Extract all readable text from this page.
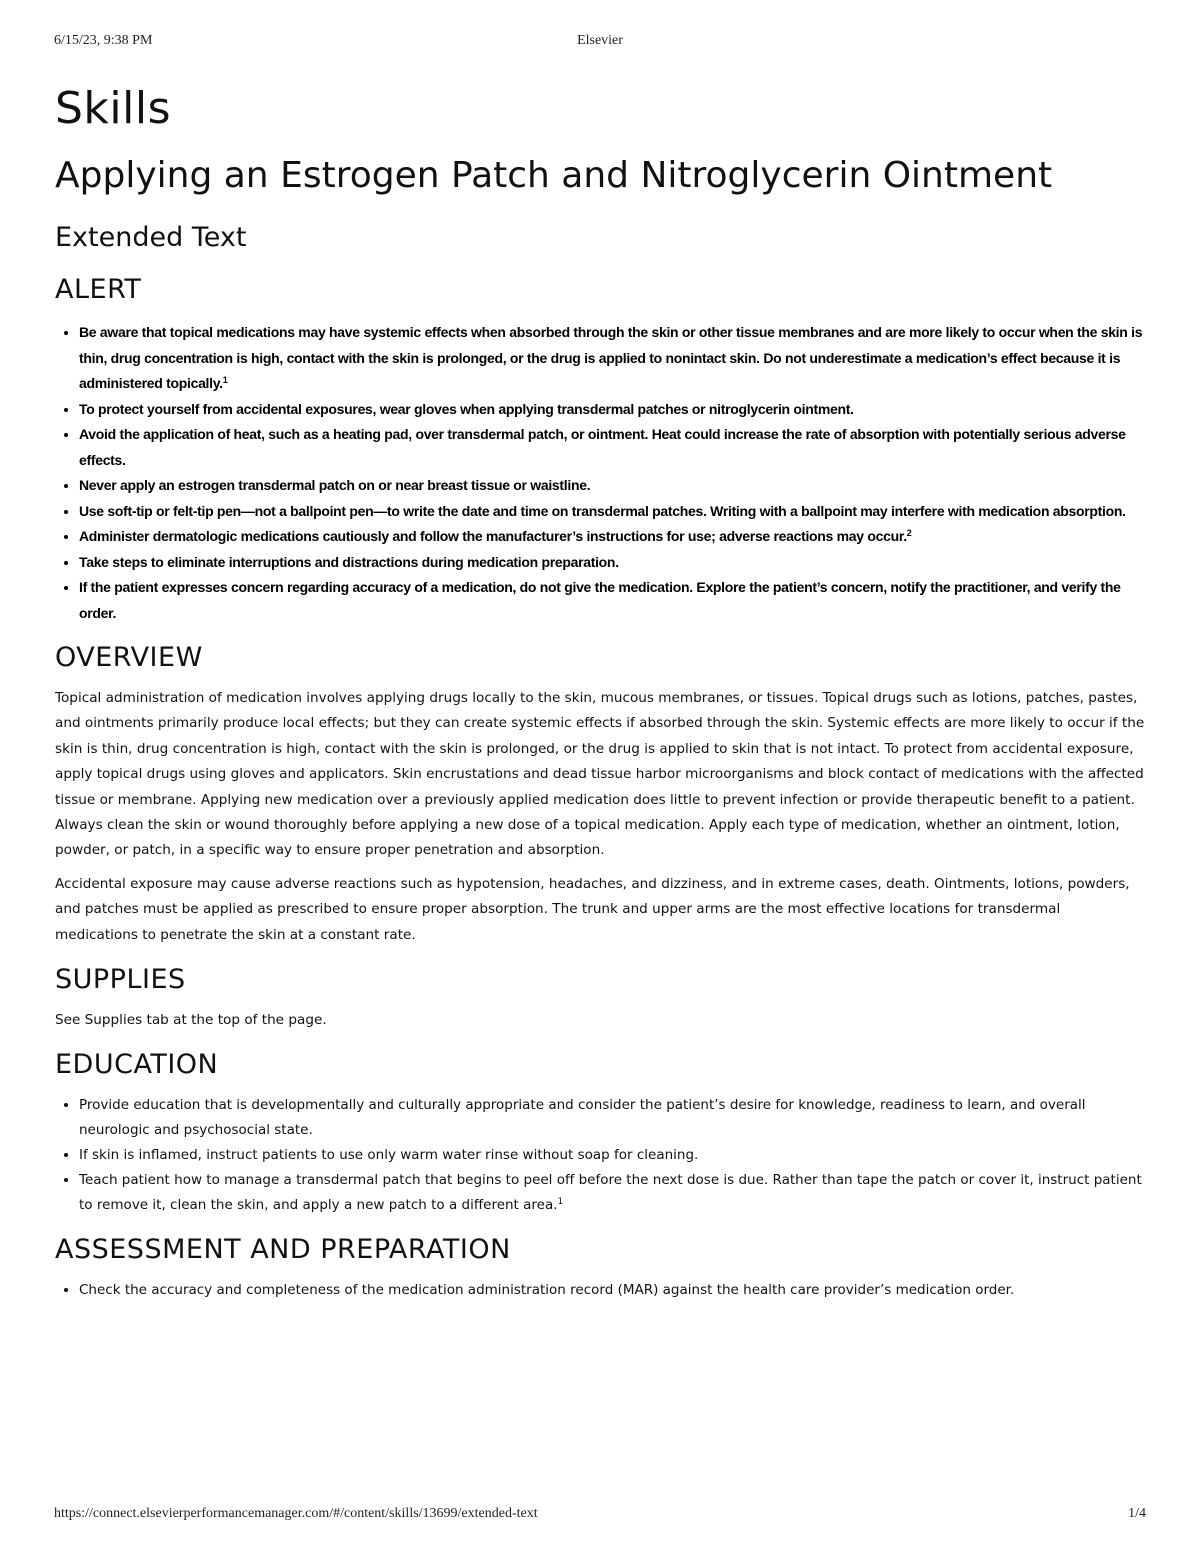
6/15/23, 9:38 PM	Elsevier
Skills
Applying an Estrogen Patch and Nitroglycerin Ointment
Extended Text
ALERT
• Be aware that topical medications may have systemic effects when absorbed through the skin or other tissue membranes and are more likely to occur when the skin is thin, drug concentration is high, contact with the skin is prolonged, or the drug is applied to nonintact skin. Do not underestimate a medication’s effect because it is administered topically.$^1$
• To protect yourself from accidental exposures, wear gloves when applying transdermal patches or nitroglycerin ointment.
• Avoid the application of heat, such as a heating pad, over transdermal patch, or ointment. Heat could increase the rate of absorption with potentially serious adverse effects.
• Never apply an estrogen transdermal patch on or near breast tissue or waistline.
• Use soft-tip or felt-tip pen—not a ballpoint pen—to write the date and time on transdermal patches. Writing with a ballpoint may interfere with medication absorption.
• Administer dermatologic medications cautiously and follow the manufacturer’s instructions for use; adverse reactions may occur.$^2$
• Take steps to eliminate interruptions and distractions during medication preparation.
• If the patient expresses concern regarding accuracy of a medication, do not give the medication. Explore the patient’s concern, notify the practitioner, and verify the order.
OVERVIEW

Topical administration of medication involves applying drugs locally to the skin, mucous membranes, or tissues. Topical drugs such as lotions, patches, pastes, and ointments primarily produce local effects; but they can create systemic effects if absorbed through the skin. Systemic effects are more likely to occur if the skin is thin, drug concentration is high, contact with the skin is prolonged, or the drug is applied to skin that is not intact. To protect from accidental exposure, apply topical drugs using gloves and applicators. Skin encrustations and dead tissue harbor microorganisms and block contact of medications with the affected tissue or membrane. Applying new medication over a previously applied medication does little to prevent infection or provide therapeutic benefit to a patient. Always clean the skin or wound thoroughly before applying a new dose of a topical medication. Apply each type of medication, whether an ointment, lotion, powder, or patch, in a specific way to ensure proper penetration and absorption.

Accidental exposure may cause adverse reactions such as hypotension, headaches, and dizziness, and in extreme cases, death. Ointments, lotions, powders, and patches must be applied as prescribed to ensure proper absorption. The trunk and upper arms are the most effective locations for transdermal medications to penetrate the skin at a constant rate.

SUPPLIES

See Supplies tab at the top of the page.

EDUCATION
• Provide education that is developmentally and culturally appropriate and consider the patient’s desire for knowledge, readiness to learn, and overall neurologic and psychosocial state.
• If skin is inflamed, instruct patients to use only warm water rinse without soap for cleaning.
• Teach patient how to manage a transdermal patch that begins to peel off before the next dose is due. Rather than tape the patch or cover it, instruct patient to remove it, clean the skin, and apply a new patch to a different area.$^1$
ASSESSMENT AND PREPARATION
• Check the accuracy and completeness of the medication administration record (MAR) against the health care provider’s medication order.
https://connect.elsevierperformancemanager.com/#/content/skills/13699/extended-text	1/4
